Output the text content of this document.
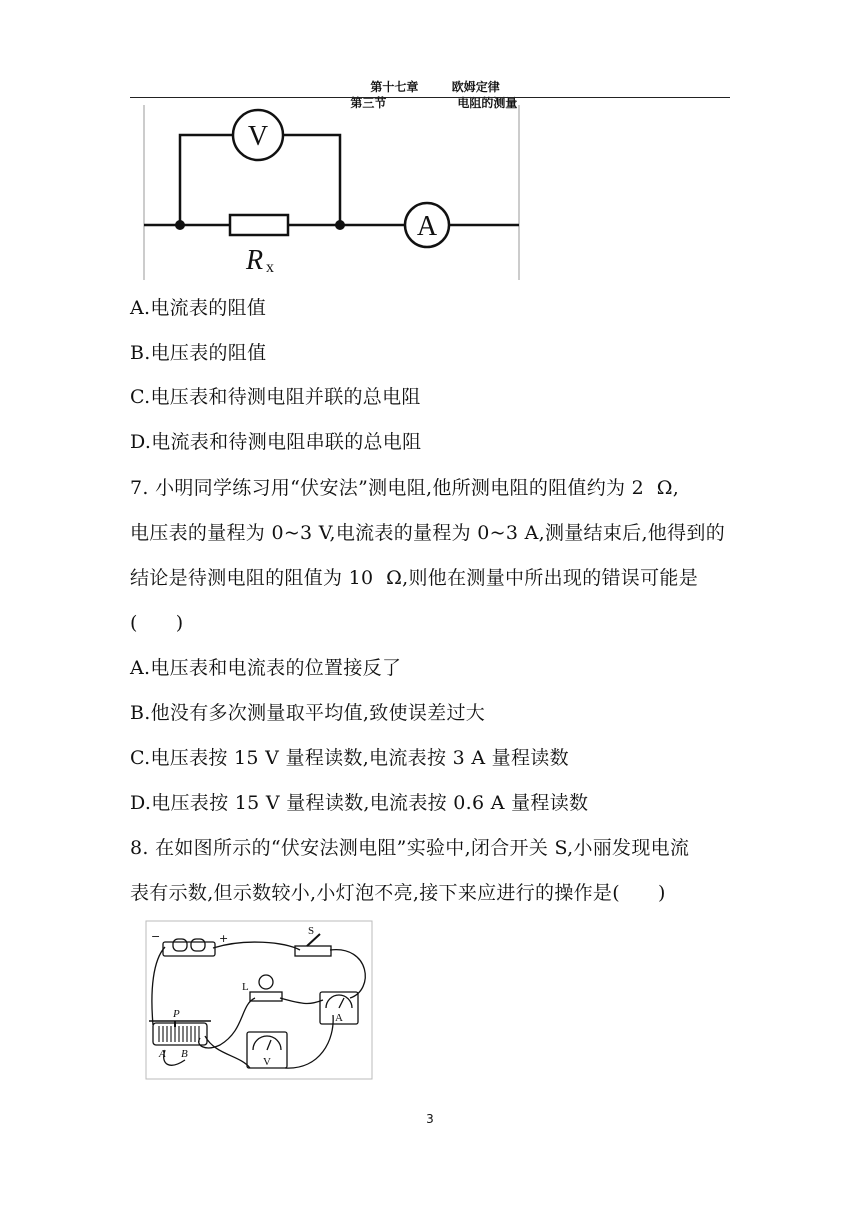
第十七章	欧姆定律

第三节	电阻的测量

V
A
R x
A.电流表的阻值
B.电压表的阻值
C.电压表和待测电阻并联的总电阻
D.电流表和待测电阻串联的总电阻
7. 小明同学练习用“伏安法”测电阻,他所测电阻的阻值约为 2  Ω,
电压表的量程为 0~3 V,电流表的量程为 0~3 A,测量结束后,他得到的
结论是待测电阻的阻值为 10  Ω,则他在测量中所出现的错误可能是
(      )
A.电压表和电流表的位置接反了
B.他没有多次测量取平均值,致使误差过大
C.电压表按 15 V 量程读数,电流表按 3 A 量程读数
D.电压表按 15 V 量程读数,电流表按 0.6 A 量程读数
8. 在如图所示的“伏安法测电阻”实验中,闭合开关 S,小丽发现电流
表有示数,但示数较小,小灯泡不亮,接下来应进行的操作是(      )
−	+
S
L
A
V
P
A B
3
